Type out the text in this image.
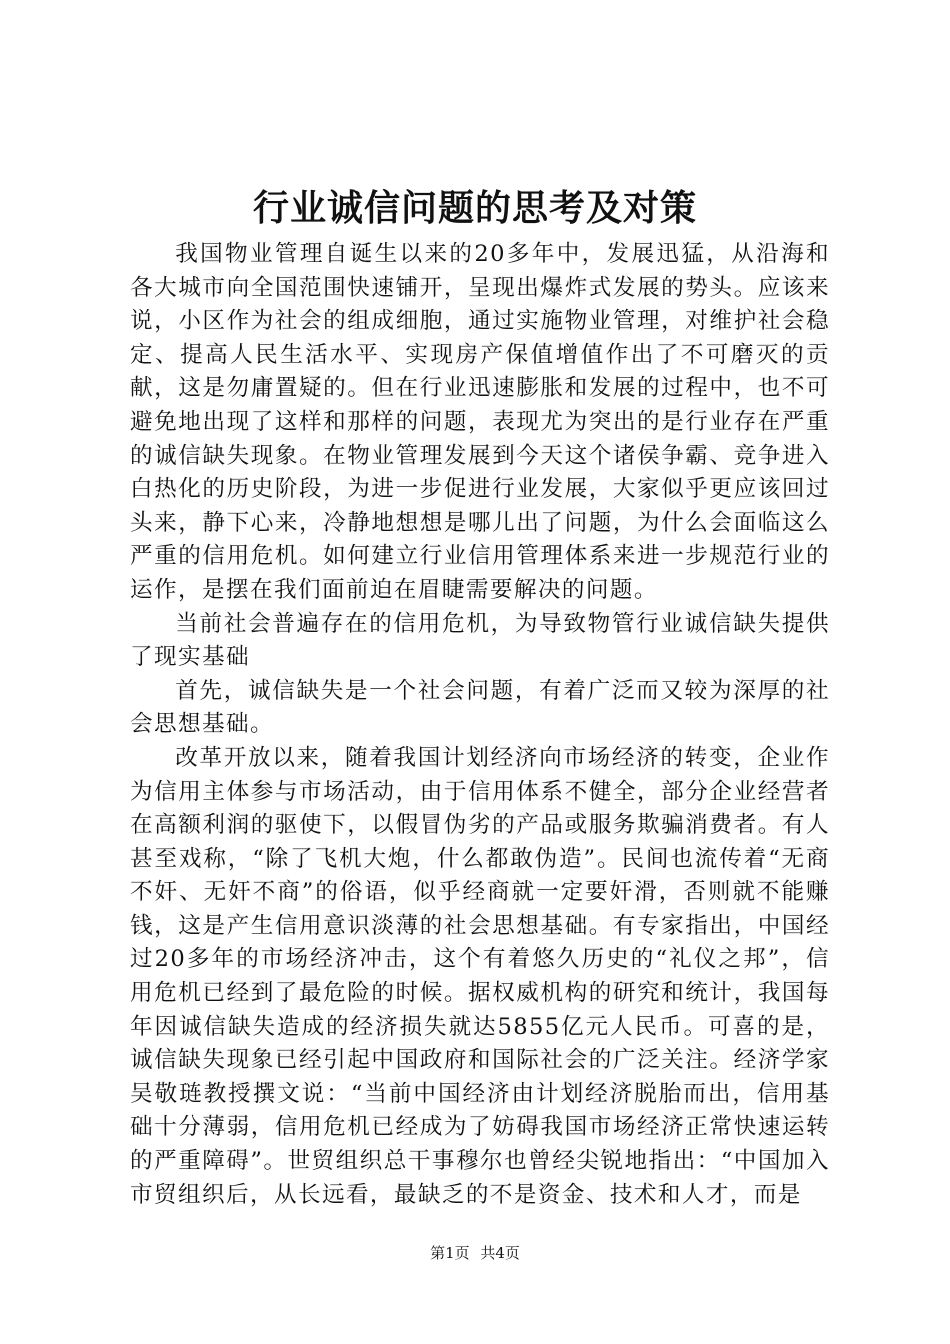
行业诚信问题的思考及对策

我国物业管理自诞生以来的20多年中，发展迅猛，从沿海和各大城市向全国范围快速铺开，呈现出爆炸式发展的势头。应该来说，小区作为社会的组成细胞，通过实施物业管理，对维护社会稳定、提高人民生活水平、实现房产保值增值作出了不可磨灭的贡献，这是勿庸置疑的。但在行业迅速膨胀和发展的过程中，也不可避免地出现了这样和那样的问题，表现尤为突出的是行业存在严重的诚信缺失现象。在物业管理发展到今天这个诸侯争霸、竞争进入白热化的历史阶段，为进一步促进行业发展，大家似乎更应该回过头来，静下心来，冷静地想想是哪儿出了问题，为什么会面临这么严重的信用危机。如何建立行业信用管理体系来进一步规范行业的运作，是摆在我们面前迫在眉睫需要解决的问题。

当前社会普遍存在的信用危机，为导致物管行业诚信缺失提供了现实基础

首先，诚信缺失是一个社会问题，有着广泛而又较为深厚的社会思想基础。

改革开放以来，随着我国计划经济向市场经济的转变，企业作为信用主体参与市场活动，由于信用体系不健全，部分企业经营者在高额利润的驱使下，以假冒伪劣的产品或服务欺骗消费者。有人甚至戏称，“除了飞机大炮，什么都敢伪造”。民间也流传着“无商不奸、无奸不商”的俗语，似乎经商就一定要奸滑，否则就不能赚钱，这是产生信用意识淡薄的社会思想基础。有专家指出，中国经过20多年的市场经济冲击，这个有着悠久历史的“礼仪之邦”，信用危机已经到了最危险的时候。据权威机构的研究和统计，我国每年因诚信缺失造成的经济损失就达5855亿元人民币。可喜的是，诚信缺失现象已经引起中国政府和国际社会的广泛关注。经济学家吴敬琏教授撰文说：“当前中国经济由计划经济脱胎而出，信用基础十分薄弱，信用危机已经成为了妨碍我国市场经济正常快速运转的严重障碍”。世贸组织总干事穆尔也曾经尖锐地指出：“中国加入市贸组织后，从长远看，最缺乏的不是资金、技术和人才，而是

第1页 共4页
